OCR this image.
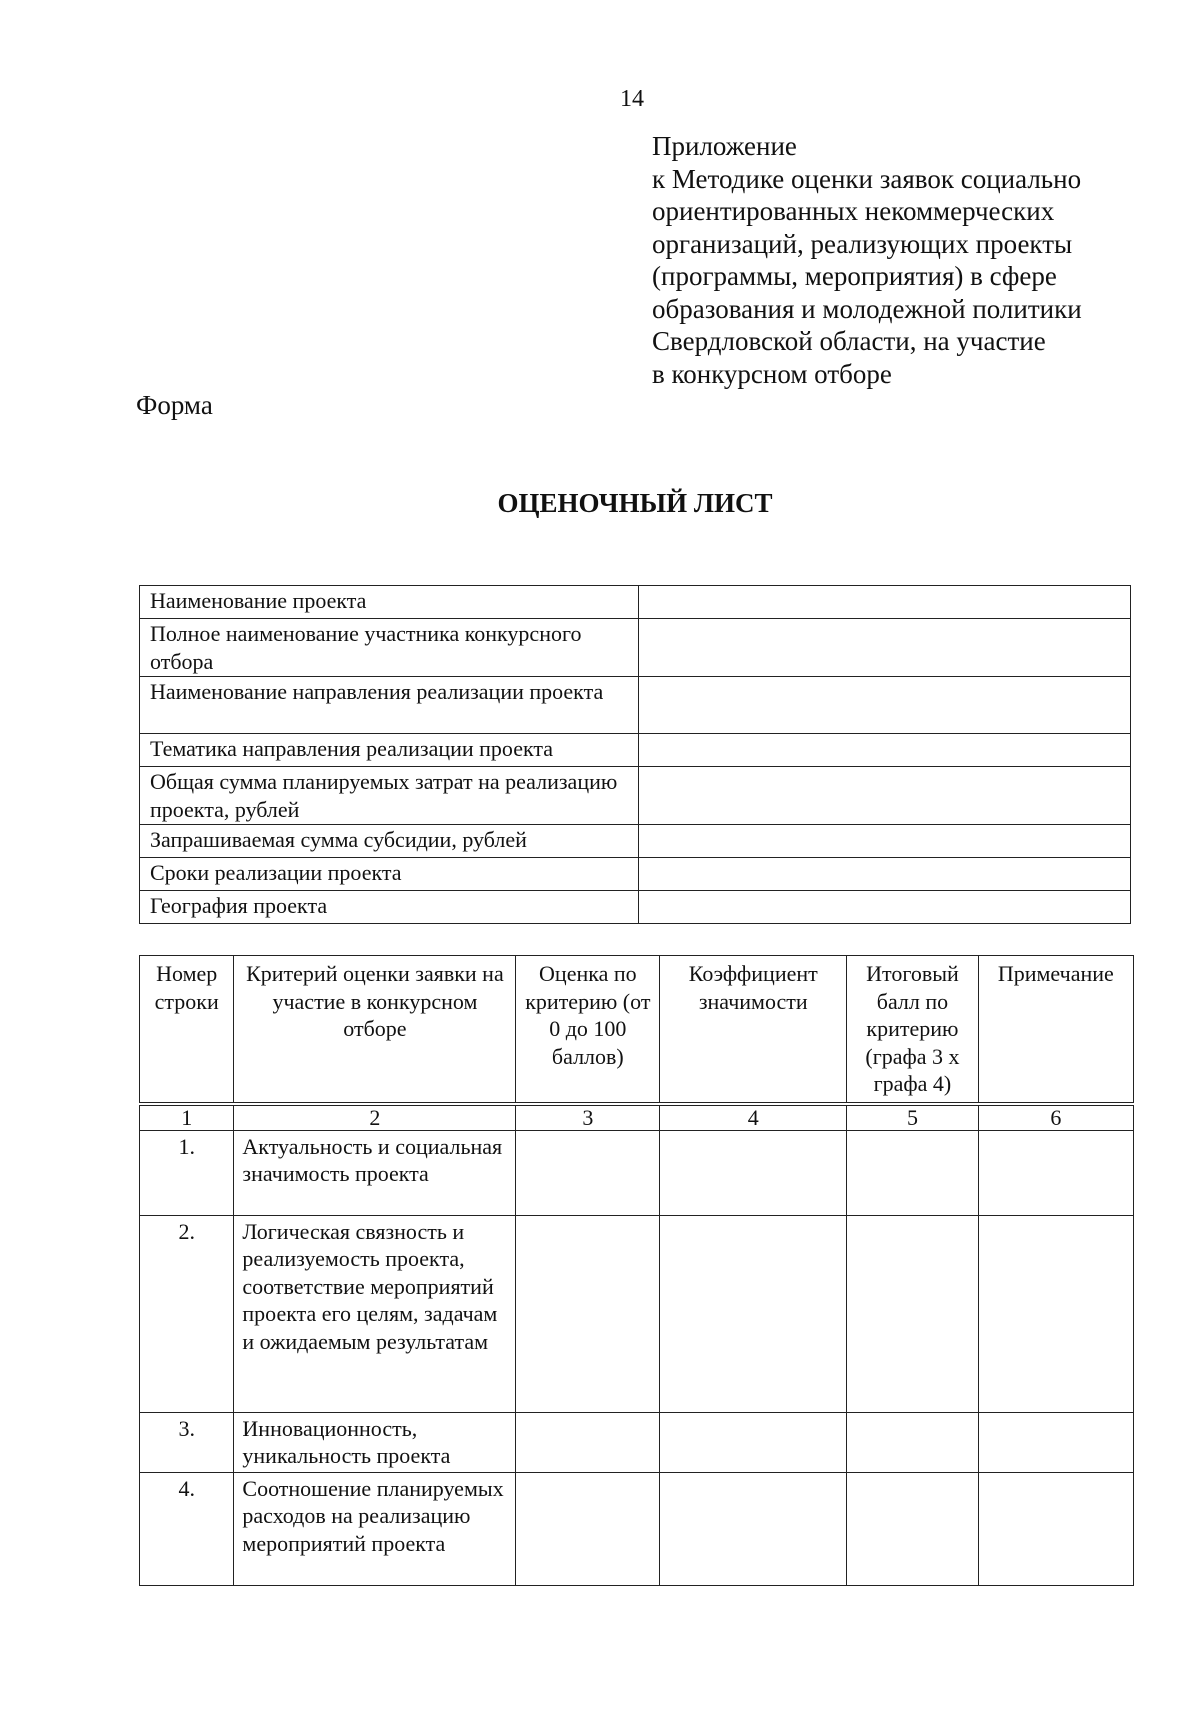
14
Приложение
к Методике оценки заявок социально
ориентированных некоммерческих
организаций, реализующих проекты
(программы, мероприятия) в сфере
образования и молодежной политики
Свердловской области, на участие
в конкурсном отборе
Форма
ОЦЕНОЧНЫЙ ЛИСТ
Наименование проекта	
Полное наименование участника конкурсного отбора	
Наименование направления реализации проекта	
Тематика направления реализации проекта	
Общая сумма планируемых затрат на реализацию проекта, рублей	
Запрашиваемая сумма субсидии, рублей	
Сроки реализации проекта	
География проекта	
Номер строки	Критерий оценки заявки на участие в конкурсном отборе	Оценка по критерию (от 0 до 100 баллов)	Коэффициент значимости	Итоговый балл по критерию (графа 3 х графа 4)	Примечание

1	2	3	4	5	6
1.	Актуальность и социальная значимость проекта				
2.	Логическая связность и реализуемость проекта, соответствие мероприятий проекта его целям, задачам и ожидаемым результатам				
3.	Инновационность, уникальность проекта				
4.	Соотношение планируемых расходов на реализацию мероприятий проекта				
